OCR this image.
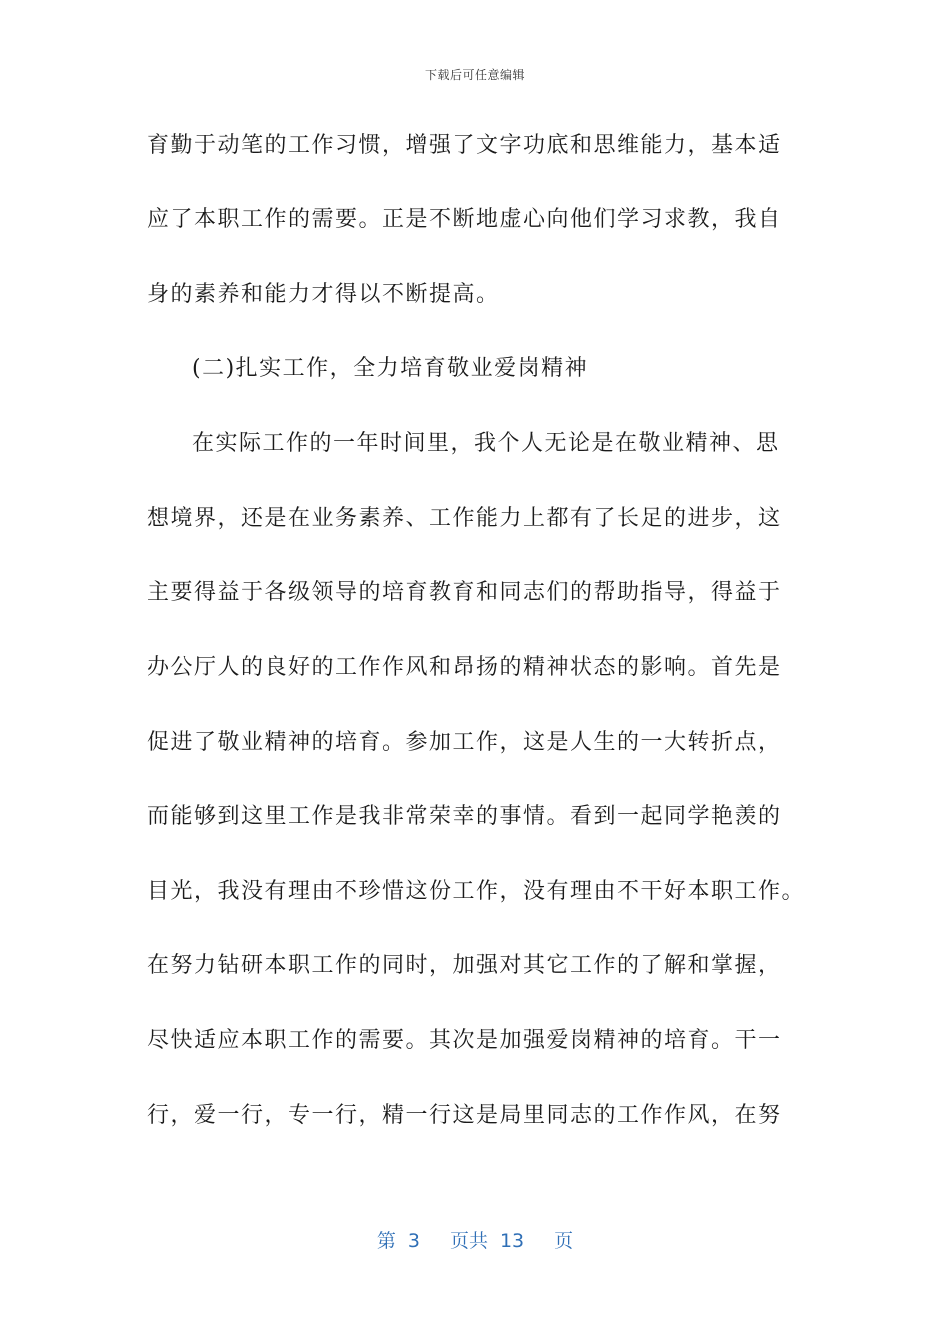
下载后可任意编辑
育勤于动笔的工作习惯，增强了文字功底和思维能力，基本适
应了本职工作的需要。正是不断地虚心向他们学习求教，我自
身的素养和能力才得以不断提高。
(二)扎实工作，全力培育敬业爱岗精神
在实际工作的一年时间里，我个人无论是在敬业精神、思
想境界，还是在业务素养、工作能力上都有了长足的进步，这
主要得益于各级领导的培育教育和同志们的帮助指导，得益于
办公厅人的良好的工作作风和昂扬的精神状态的影响。首先是
促进了敬业精神的培育。参加工作，这是人生的一大转折点，
而能够到这里工作是我非常荣幸的事情。看到一起同学艳羡的
目光，我没有理由不珍惜这份工作，没有理由不干好本职工作。
在努力钻研本职工作的同时，加强对其它工作的了解和掌握，
尽快适应本职工作的需要。其次是加强爱岗精神的培育。干一
行，爱一行，专一行，精一行这是局里同志的工作作风，在努
第 3 页共 13 页
